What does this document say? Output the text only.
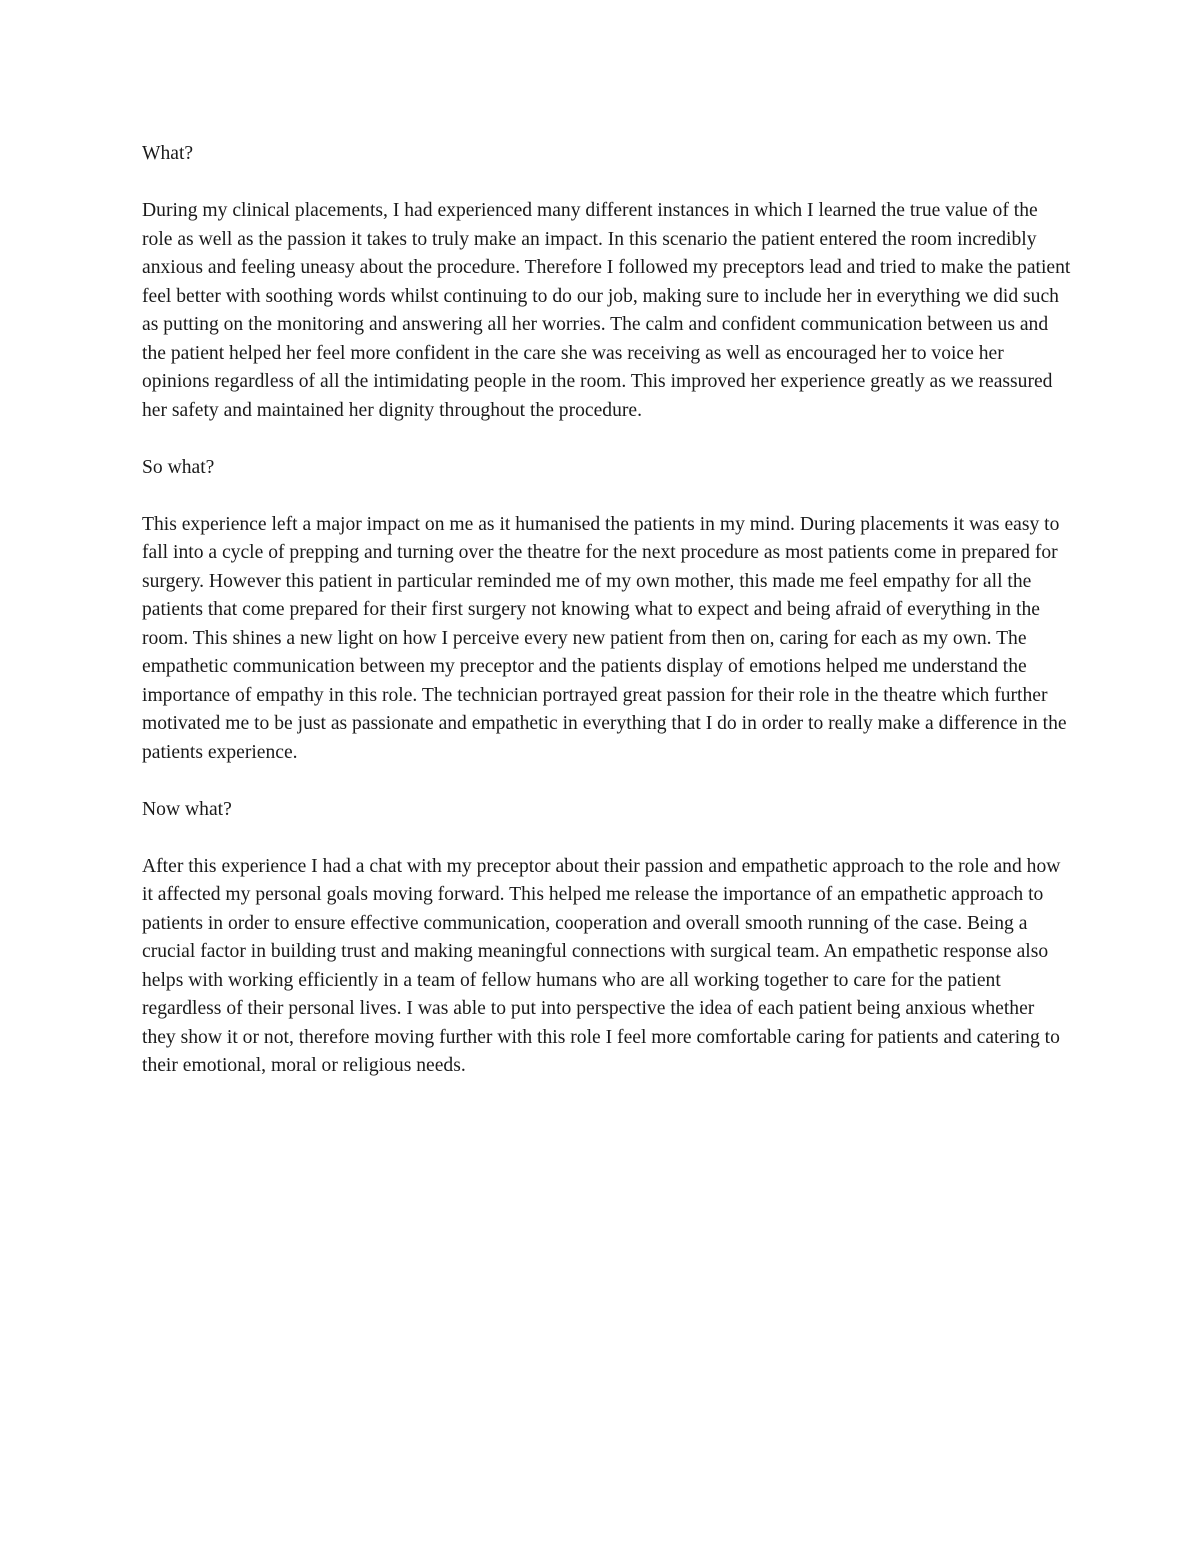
What?

During my clinical placements, I had experienced many different instances in which I learned the true value of the role as well as the passion it takes to truly make an impact. In this scenario the patient entered the room incredibly anxious and feeling uneasy about the procedure. Therefore I followed my preceptors lead and tried to make the patient feel better with soothing words whilst continuing to do our job, making sure to include her in everything we did such as putting on the monitoring and answering all her worries. The calm and confident communication between us and the patient helped her feel more confident in the care she was receiving as well as encouraged her to voice her opinions regardless of all the intimidating people in the room. This improved her experience greatly as we reassured her safety and maintained her dignity throughout the procedure.

So what?

This experience left a major impact on me as it humanised the patients in my mind. During placements it was easy to fall into a cycle of prepping and turning over the theatre for the next procedure as most patients come in prepared for surgery. However this patient in particular reminded me of my own mother, this made me feel empathy for all the patients that come prepared for their first surgery not knowing what to expect and being afraid of everything in the room. This shines a new light on how I perceive every new patient from then on, caring for each as my own. The empathetic communication between my preceptor and the patients display of emotions helped me understand the importance of empathy in this role. The technician portrayed great passion for their role in the theatre which further motivated me to be just as passionate and empathetic in everything that I do in order to really make a difference in the patients experience.

Now what?

After this experience I had a chat with my preceptor about their passion and empathetic approach to the role and how it affected my personal goals moving forward. This helped me release the importance of an empathetic approach to patients in order to ensure effective communication, cooperation and overall smooth running of the case. Being a crucial factor in building trust and making meaningful connections with surgical team. An empathetic response also helps with working efficiently in a team of fellow humans who are all working together to care for the patient regardless of their personal lives. I was able to put into perspective the idea of each patient being anxious whether they show it or not, therefore moving further with this role I feel more comfortable caring for patients and catering to their emotional, moral or religious needs.
